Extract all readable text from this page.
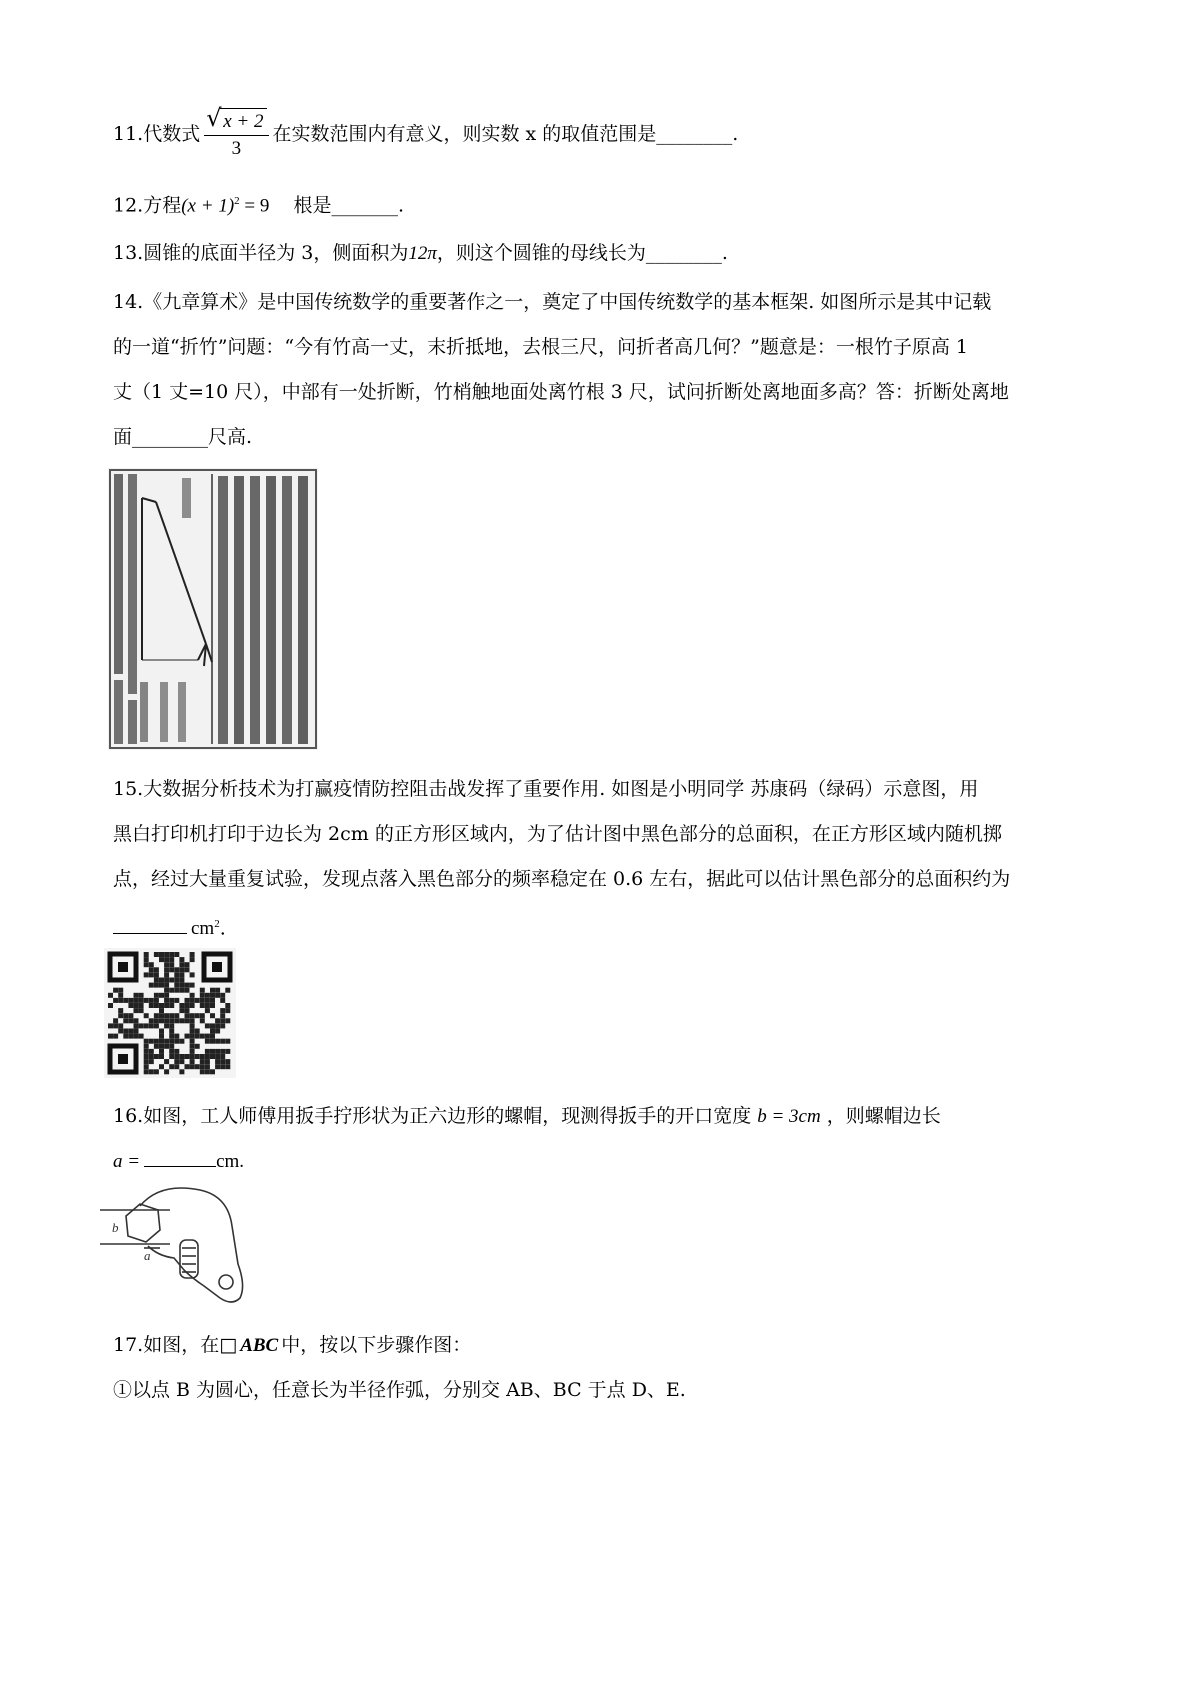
11.代数式 $\frac{√ x + 2}{3}$ 在实数范围内有意义，则实数 x 的取值范围是________.
12.方程$(x + 1)^2 = 9$    根是_______.
13.圆锥的底面半径为 3，侧面积为12π，则这个圆锥的母线长为________.
14.《九章算术》是中国传统数学的重要著作之一，奠定了中国传统数学的基本框架. 如图所示是其中记载
的一道“折竹”问题：“今有竹高一丈，末折抵地，去根三尺，问折者高几何？”题意是：一根竹子原高 1
丈（1 丈=10 尺），中部有一处折断，竹梢触地面处离竹根 3 尺，试问折断处离地面多高？答：折断处离地
面________尺高.
15.大数据分析技术为打赢疫情防控阻击战发挥了重要作用. 如图是小明同学 苏康码（绿码）示意图，用
黑白打印机打印于边长为 2cm 的正方形区域内，为了估计图中黑色部分的总面积，在正方形区域内随机掷
点，经过大量重复试验，发现点落入黑色部分的频率稳定在 0.6 左右，据此可以估计黑色部分的总面积约为
$cm^2$.
16.如图，工人师傅用扳手拧形状为正六边形的螺帽，现测得扳手的开口宽度 b = 3cm ，则螺帽边长
a =	cm.
b
a
17.如图，在□ ABC 中，按以下步骤作图：
①以点 B 为圆心，任意长为半径作弧，分别交 AB、BC 于点 D、E.
